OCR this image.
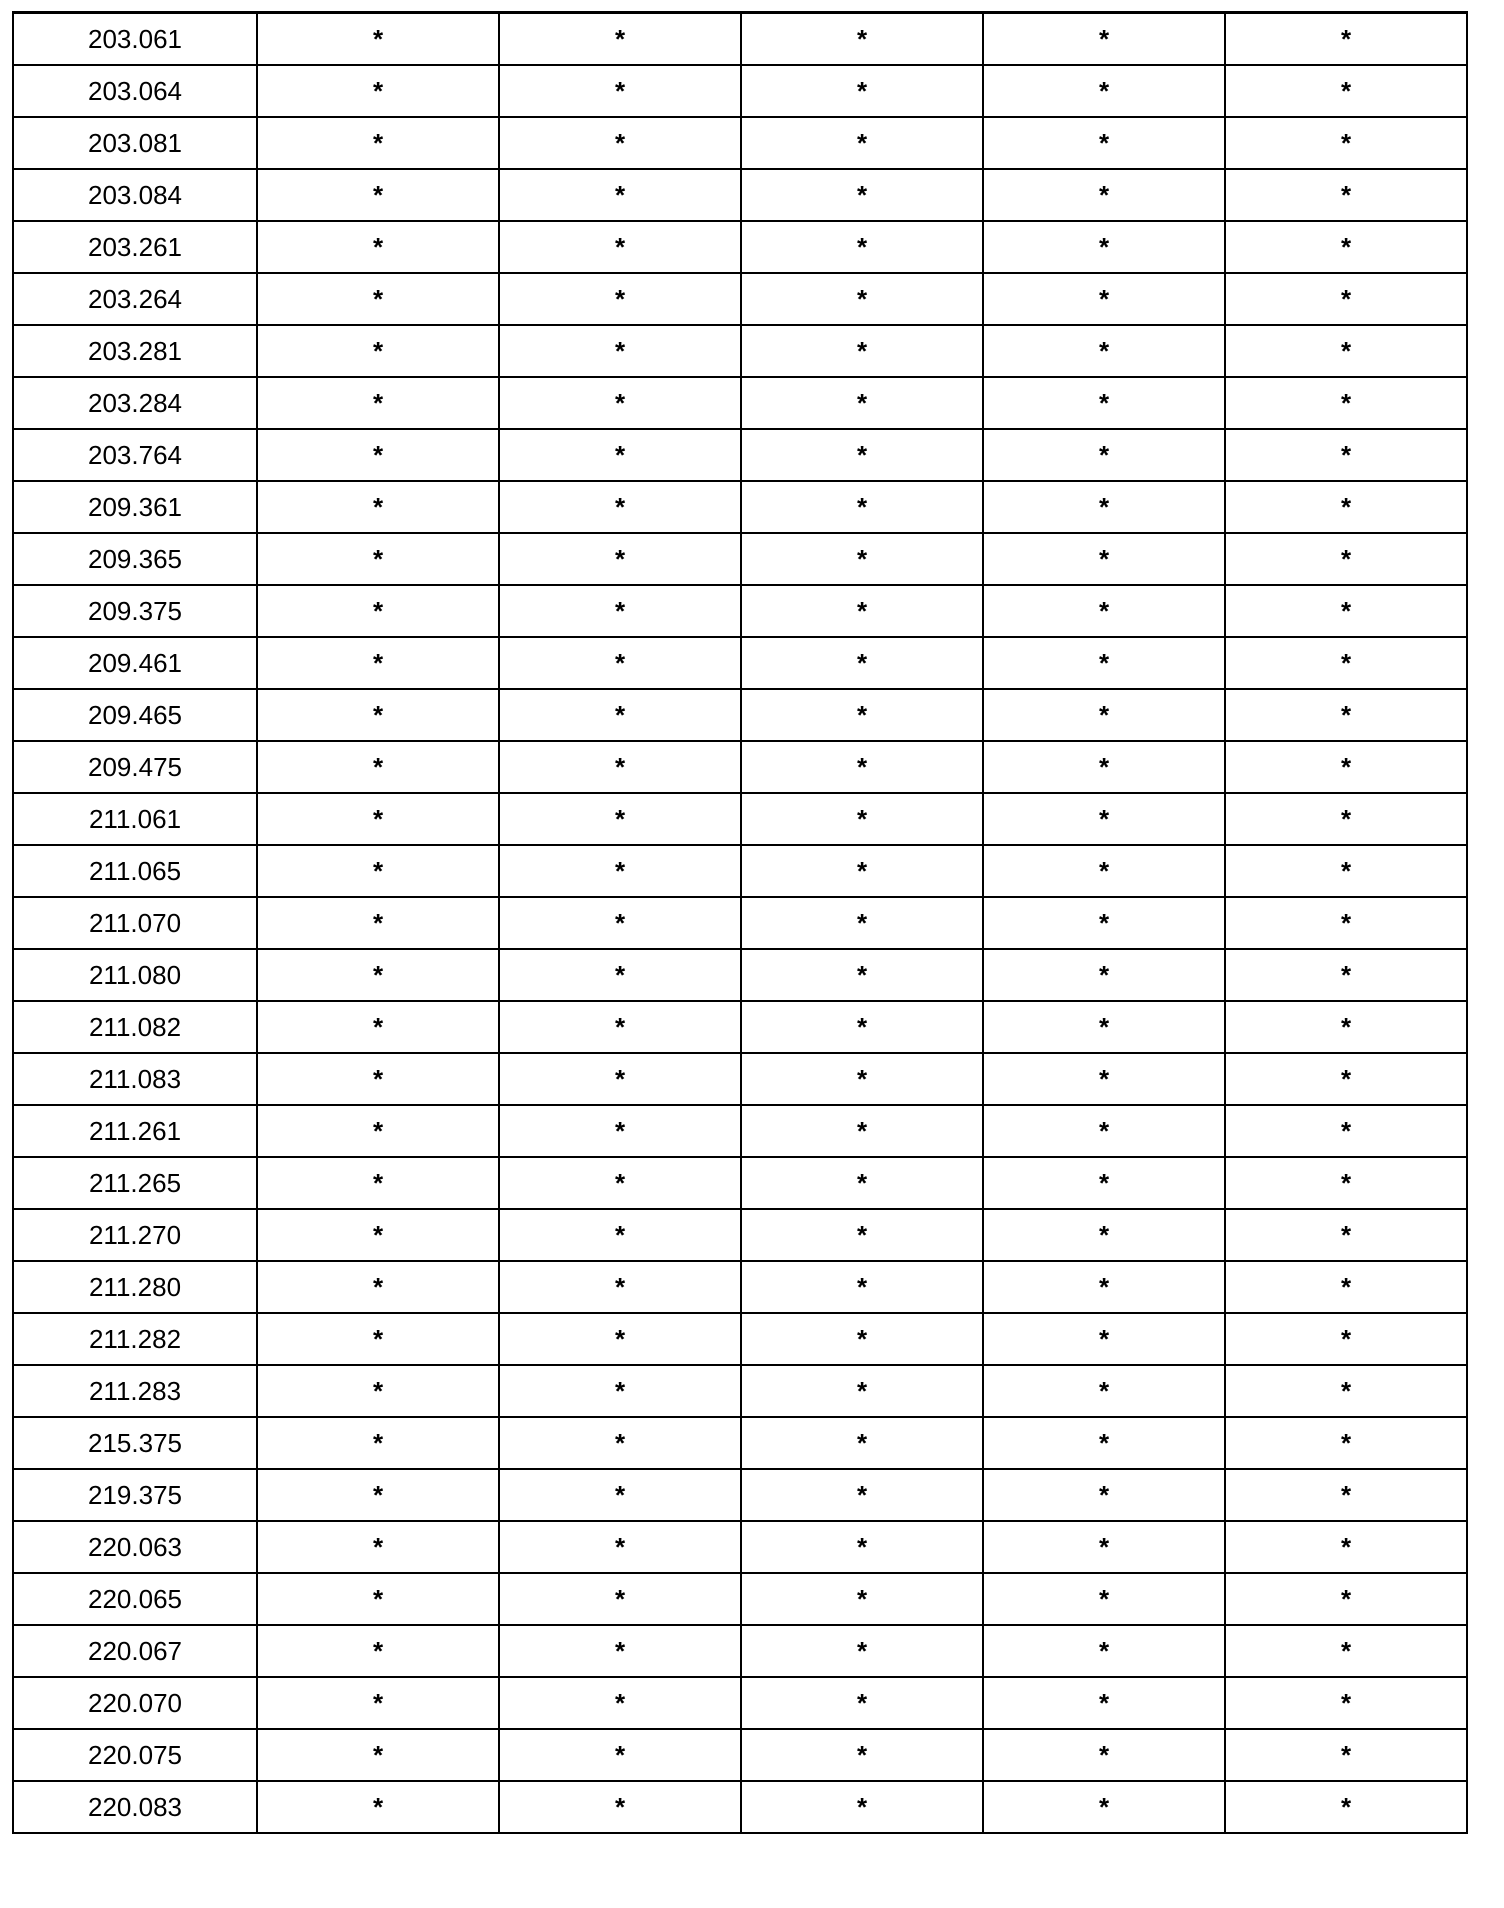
203.061	*	*	*	*	*
203.064	*	*	*	*	*
203.081	*	*	*	*	*
203.084	*	*	*	*	*
203.261	*	*	*	*	*
203.264	*	*	*	*	*
203.281	*	*	*	*	*
203.284	*	*	*	*	*
203.764	*	*	*	*	*
209.361	*	*	*	*	*
209.365	*	*	*	*	*
209.375	*	*	*	*	*
209.461	*	*	*	*	*
209.465	*	*	*	*	*
209.475	*	*	*	*	*
211.061	*	*	*	*	*
211.065	*	*	*	*	*
211.070	*	*	*	*	*
211.080	*	*	*	*	*
211.082	*	*	*	*	*
211.083	*	*	*	*	*
211.261	*	*	*	*	*
211.265	*	*	*	*	*
211.270	*	*	*	*	*
211.280	*	*	*	*	*
211.282	*	*	*	*	*
211.283	*	*	*	*	*
215.375	*	*	*	*	*
219.375	*	*	*	*	*
220.063	*	*	*	*	*
220.065	*	*	*	*	*
220.067	*	*	*	*	*
220.070	*	*	*	*	*
220.075	*	*	*	*	*
220.083	*	*	*	*	*
